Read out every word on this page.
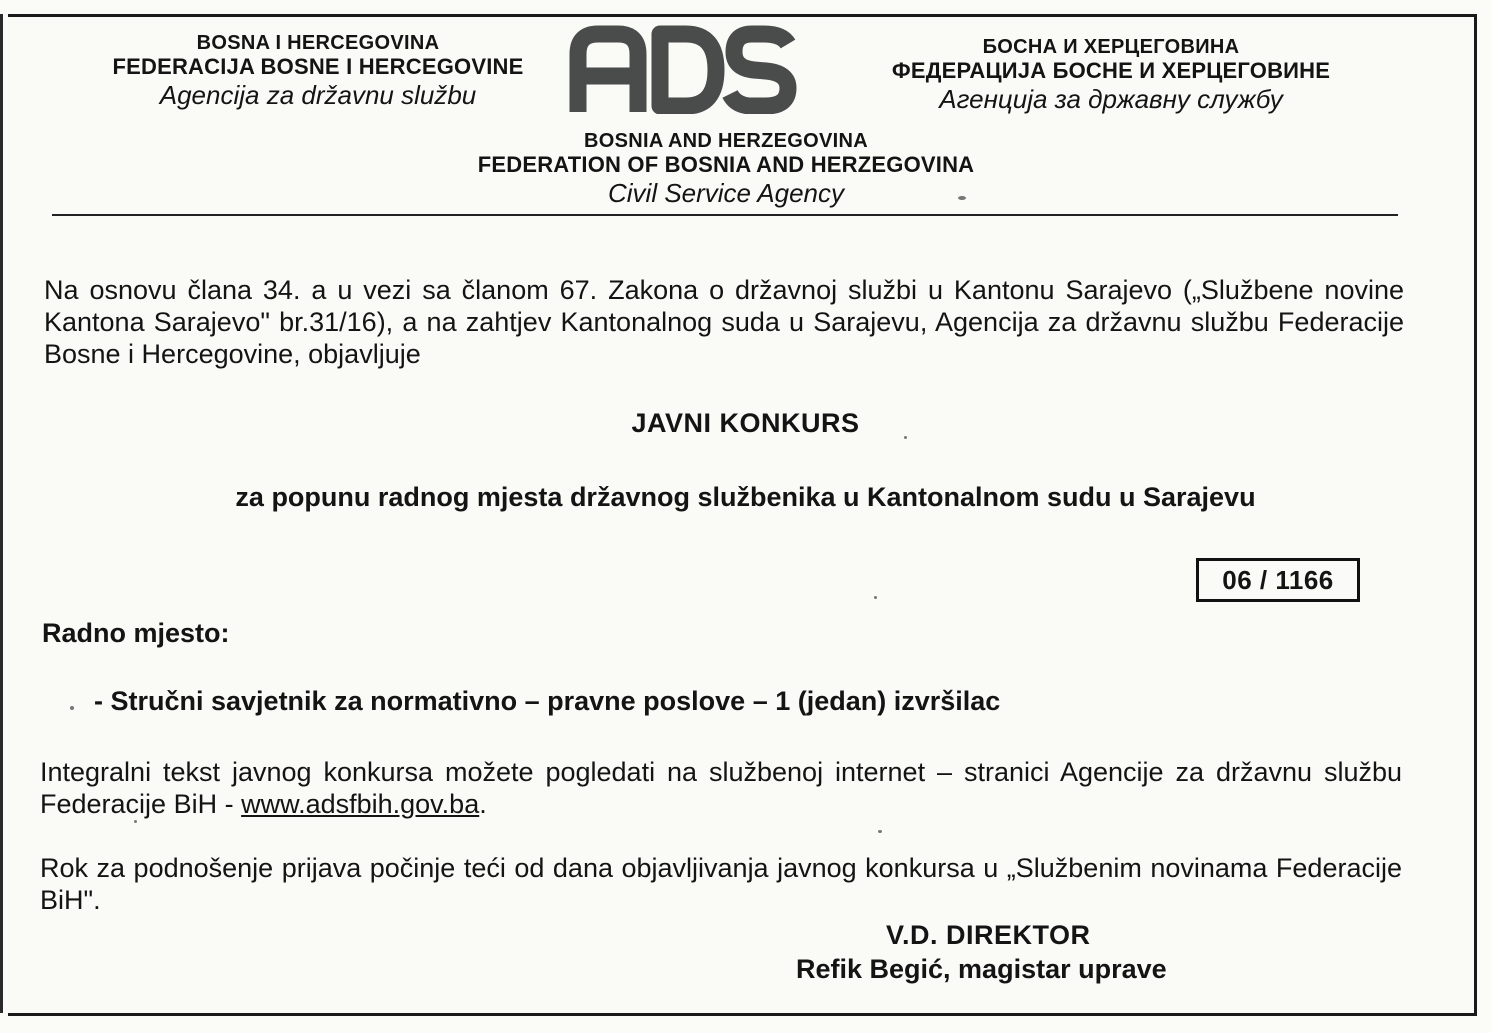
BOSNA I HERCEGOVINA
FEDERACIJA BOSNE I HERCEGOVINE
Agencija za državnu službu
ADS
БОСНА И ХЕРЦЕГОВИНА
ФЕДЕРАЦИЈА БОСНЕ И ХЕРЦЕГОВИНЕ
Агенција за државну службу
BOSNIA AND HERZEGOVINA
FEDERATION OF BOSNIA AND HERZEGOVINA
Civil Service Agency
Na osnovu člana 34. a u vezi sa članom 67. Zakona o državnoj službi u Kantonu Sarajevo („Službene novine Kantona Sarajevo" br.31/16), a na zahtjev Kantonalnog suda u Sarajevu, Agencija za državnu službu Federacije Bosne i Hercegovine, objavljuje
JAVNI KONKURS
za popunu radnog mjesta državnog službenika u Kantonalnom sudu u Sarajevu
06 / 1166
Radno mjesto:
- Stručni savjetnik za normativno – pravne poslove – 1 (jedan) izvršilac
Integralni tekst javnog konkursa možete pogledati na službenoj internet – stranici Agencije za državnu službu Federacije BiH - www.adsfbih.gov.ba.
Rok za podnošenje prijava počinje teći od dana objavljivanja javnog konkursa u „Službenim novinama Federacije BiH".
V.D. DIREKTOR
Refik Begić, magistar uprave
